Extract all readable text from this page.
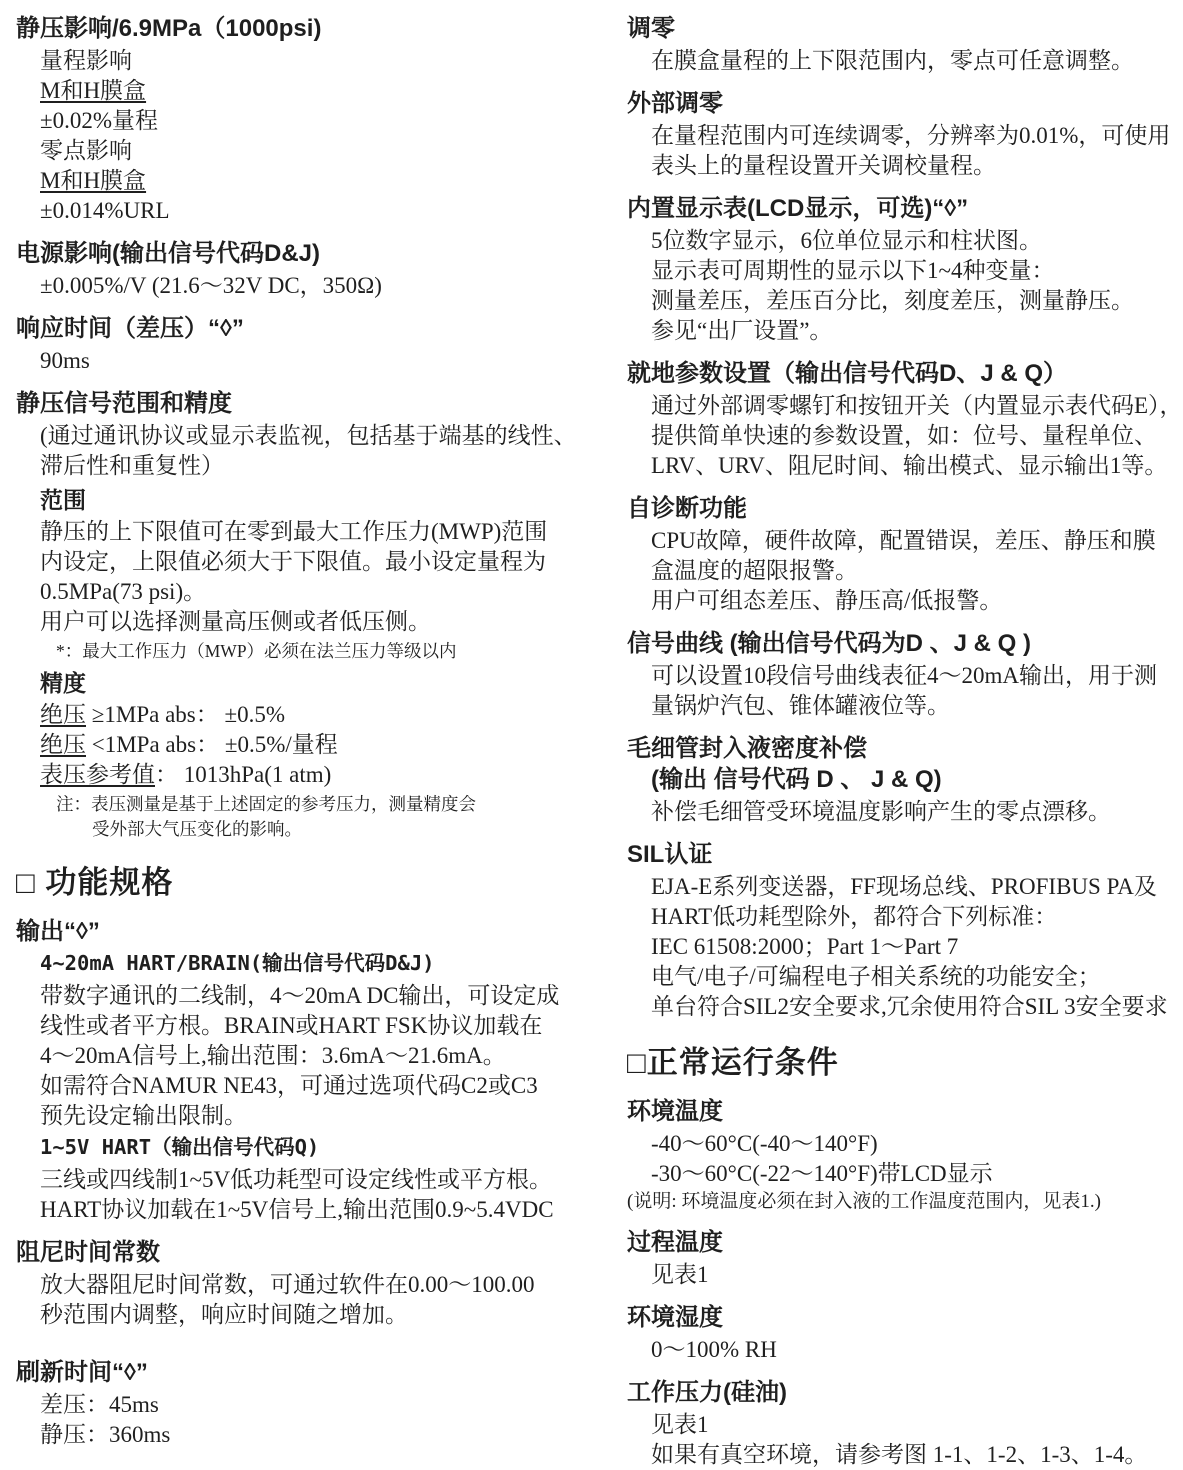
静压影响/6.9MPa（1000psi)
量程影响
M和H膜盒
±0.02%量程
零点影响
M和H膜盒
±0.014%URL
电源影响(输出信号代码D&J)
±0.005%/V (21.6～32V DC，350Ω)
响应时间（差压）“◊”
90ms
静压信号范围和精度
(通过通讯协议或显示表监视，包括基于端基的线性、
滞后性和重复性）
范围
静压的上下限值可在零到最大工作压力(MWP)范围
内设定，上限值必须大于下限值。最小设定量程为
0.5MPa(73 psi)。
用户可以选择测量高压侧或者低压侧。
*：最大工作压力（MWP）必须在法兰压力等级以内
精度
绝压 ≥1MPa abs： ±0.5%
绝压 <1MPa abs： ±0.5%/量程
表压参考值： 1013hPa(1 atm)
注：表压测量是基于上述固定的参考压力，测量精度会
受外部大气压变化的影响。
□ 功能规格
输出“◊”
4~20mA HART/BRAIN(输出信号代码D&J)
带数字通讯的二线制，4～20mA DC输出，可设定成
线性或者平方根。BRAIN或HART FSK协议加载在
4～20mA信号上,输出范围：3.6mA～21.6mA。
如需符合NAMUR NE43，可通过选项代码C2或C3
预先设定输出限制。
1~5V HART（输出信号代码Q)
三线或四线制1~5V低功耗型可设定线性或平方根。
HART协议加载在1~5V信号上,输出范围0.9~5.4VDC
阻尼时间常数
放大器阻尼时间常数，可通过软件在0.00～100.00
秒范围内调整，响应时间随之增加。
刷新时间“◊”
差压：45ms
静压：360ms
调零
在膜盒量程的上下限范围内，零点可任意调整。
外部调零
在量程范围内可连续调零，分辨率为0.01%，可使用
表头上的量程设置开关调校量程。
内置显示表(LCD显示，可选)“◊”
5位数字显示，6位单位显示和柱状图。
显示表可周期性的显示以下1~4种变量：
测量差压，差压百分比，刻度差压，测量静压。
参见“出厂设置”。
就地参数设置（输出信号代码D、J & Q）
通过外部调零螺钉和按钮开关（内置显示表代码E），
提供简单快速的参数设置，如：位号、量程单位、
LRV、URV、阻尼时间、输出模式、显示输出1等。
自诊断功能
CPU故障，硬件故障，配置错误，差压、静压和膜
盒温度的超限报警。
用户可组态差压、静压高/低报警。
信号曲线 (输出信号代码为D 、J & Q )
可以设置10段信号曲线表征4～20mA输出，用于测
量锅炉汽包、锥体罐液位等。
毛细管封入液密度补偿
(输出 信号代码 D 、 J & Q)
补偿毛细管受环境温度影响产生的零点漂移。
SIL认证
EJA-E系列变送器，FF现场总线、PROFIBUS PA及
HART低功耗型除外，都符合下列标准：
IEC 61508:2000；Part 1～Part 7
电气/电子/可编程电子相关系统的功能安全；
单台符合SIL2安全要求,冗余使用符合SIL 3安全要求
□正常运行条件
环境温度
-40～60°C(-40～140°F)
-30～60°C(-22～140°F)带LCD显示
(说明: 环境温度必须在封入液的工作温度范围内，见表1.)
过程温度
见表1
环境湿度
0～100% RH
工作压力(硅油)
见表1
如果有真空环境，请参考图 1-1、1-2、1-3、1-4。
